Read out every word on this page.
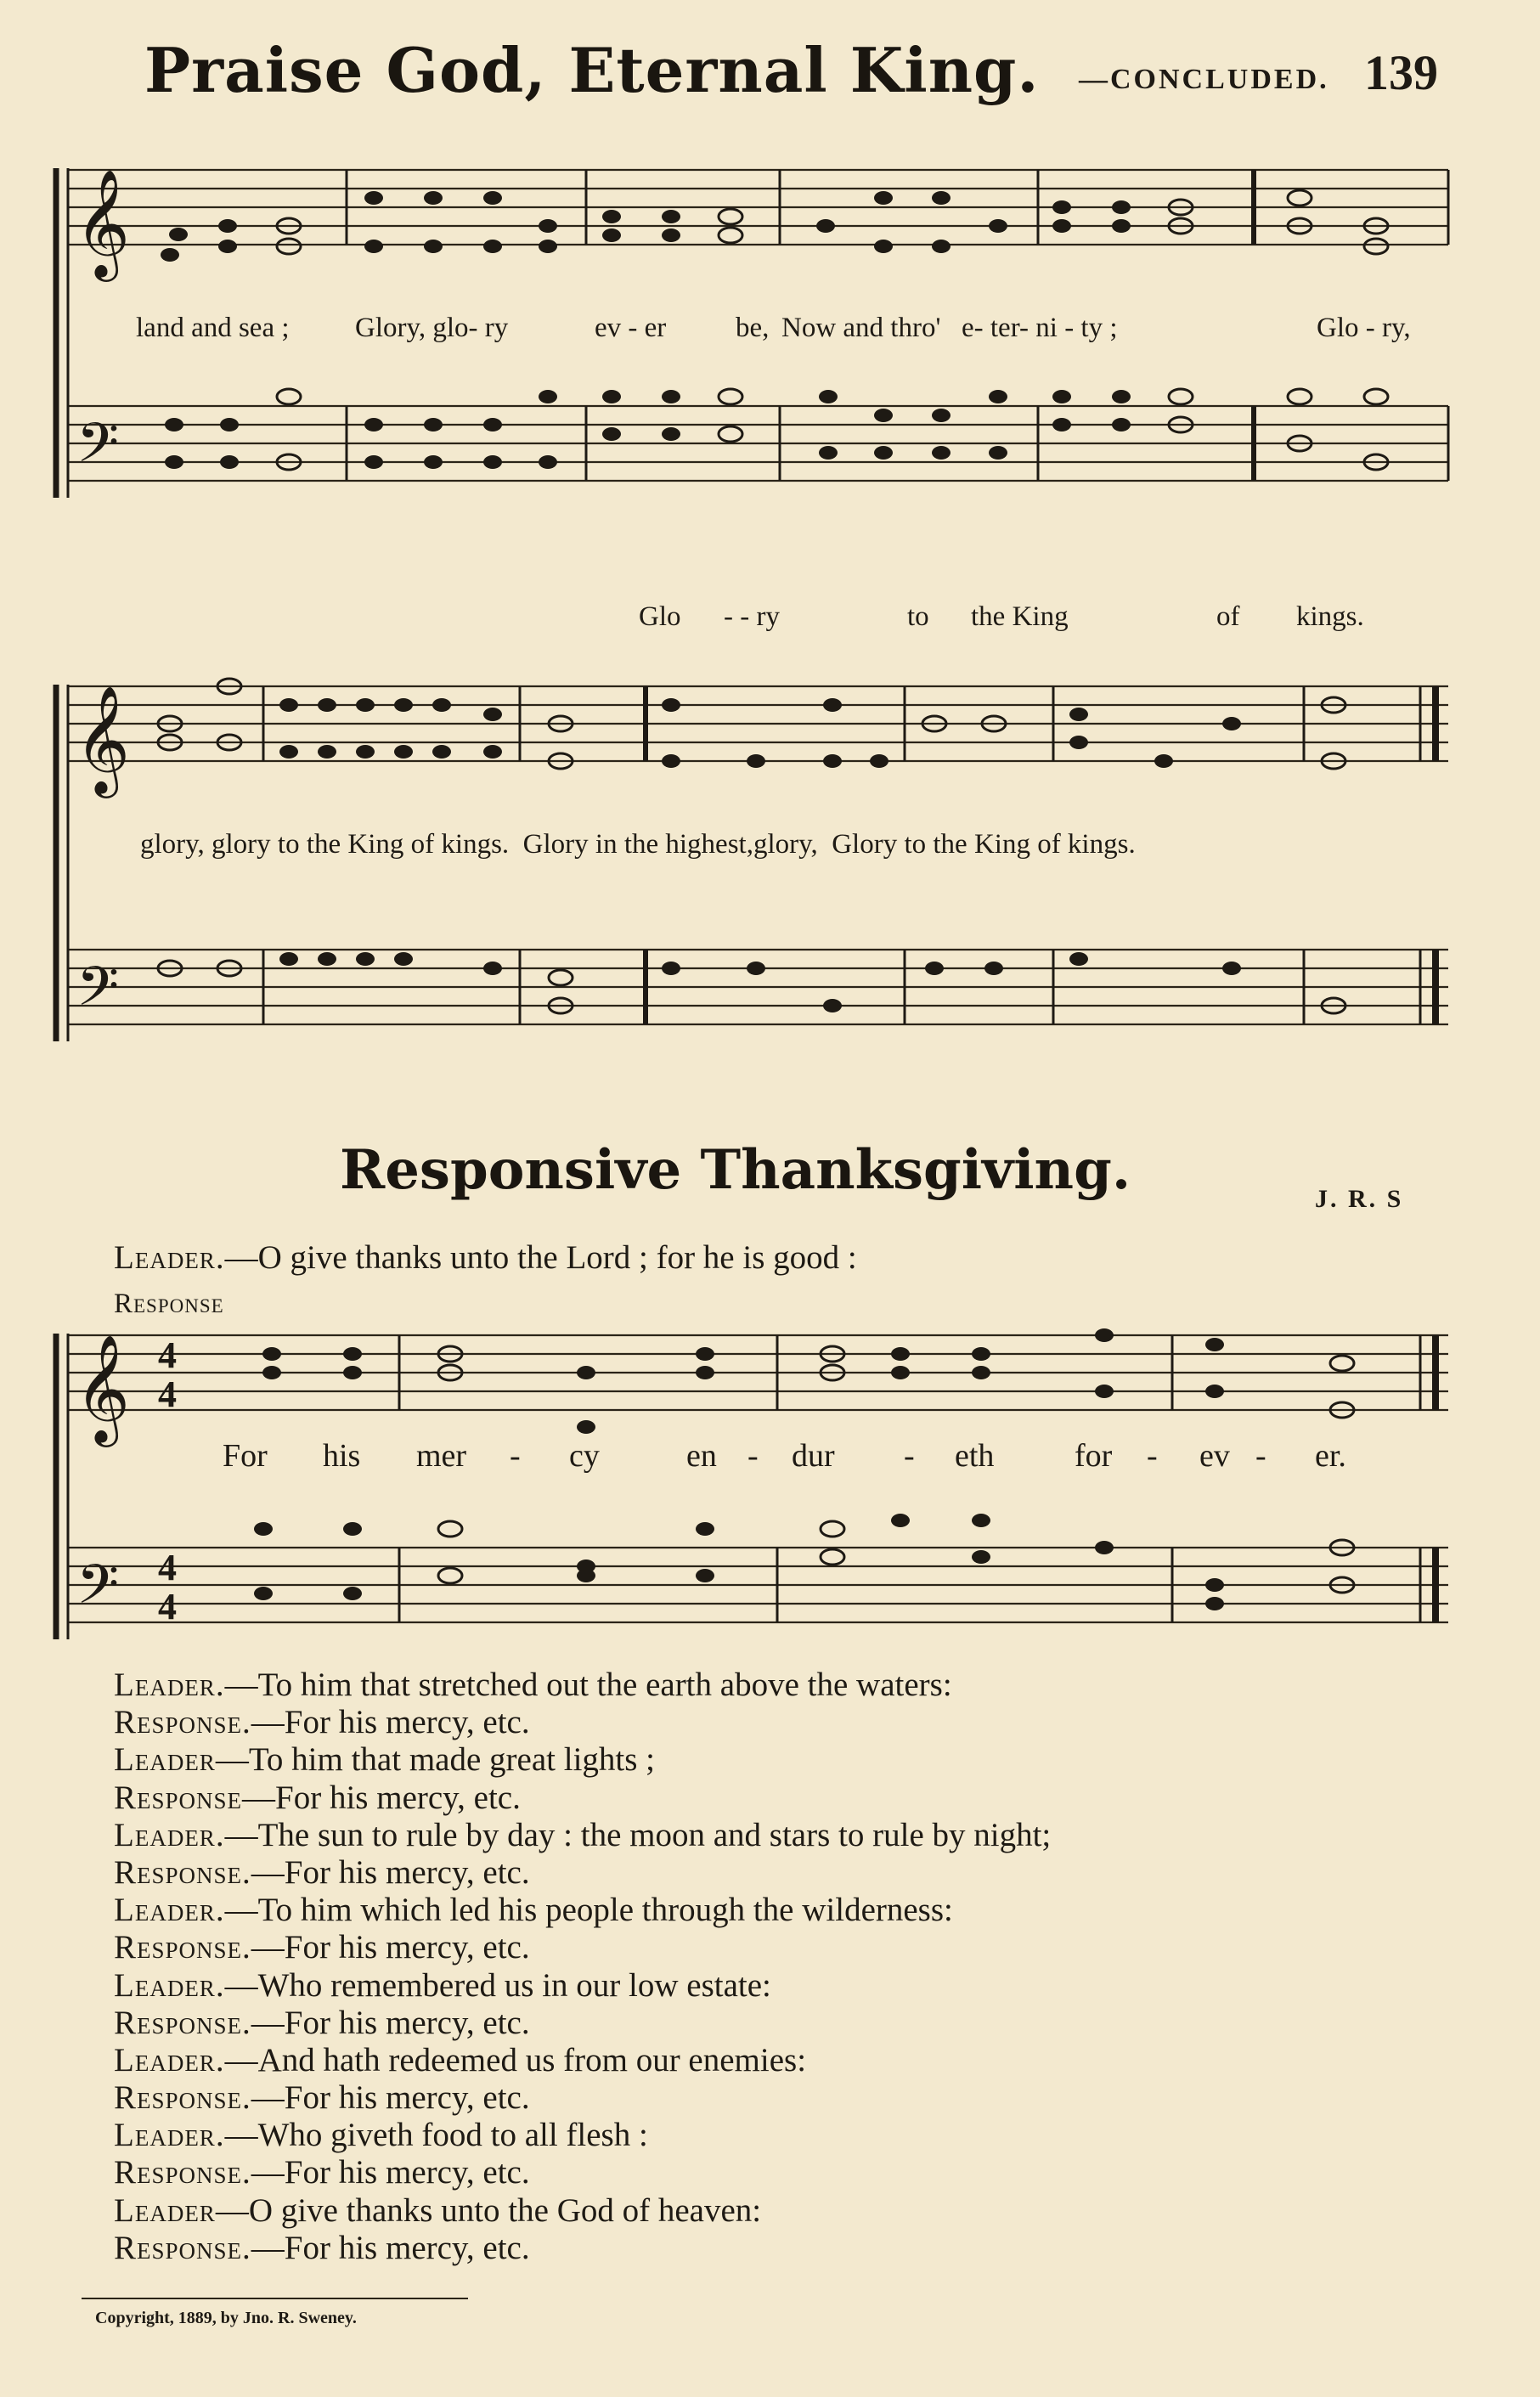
Praise God, Eternal King. —CONCLUDED. 139
𝄞
𝄢
𝄞
𝄢
𝄞
𝄢
4
4
4
4
land and sea ; Glory, glo- ry	ev - er be, Now and thro' e- ter- ni - ty ;	Glo - ry,
Glo - - ry	to the King	of kings.
glory, glory to the King of kings.  Glory in the highest,glory,  Glory to the King of kings.
Responsive Thanksgiving.	J. R. S
Leader.—O give thanks unto the Lord ; for he is good :
Response
For his mer - cy	en - dur - eth for - ev - er.
Leader.—To him that stretched out the earth above the waters:
Response.—For his mercy, etc.
Leader—To him that made great lights ;
Response—For his mercy, etc.
Leader.—The sun to rule by day : the moon and stars to rule by night;
Response.—For his mercy, etc.
Leader.—To him which led his people through the wilderness:
Response.—For his mercy, etc.
Leader.—Who remembered us in our low estate:
Response.—For his mercy, etc.
Leader.—And hath redeemed us from our enemies:
Response.—For his mercy, etc.
Leader.—Who giveth food to all flesh :
Response.—For his mercy, etc.
Leader—O give thanks unto the God of heaven:
Response.—For his mercy, etc.
Copyright, 1889, by Jno. R. Sweney.
